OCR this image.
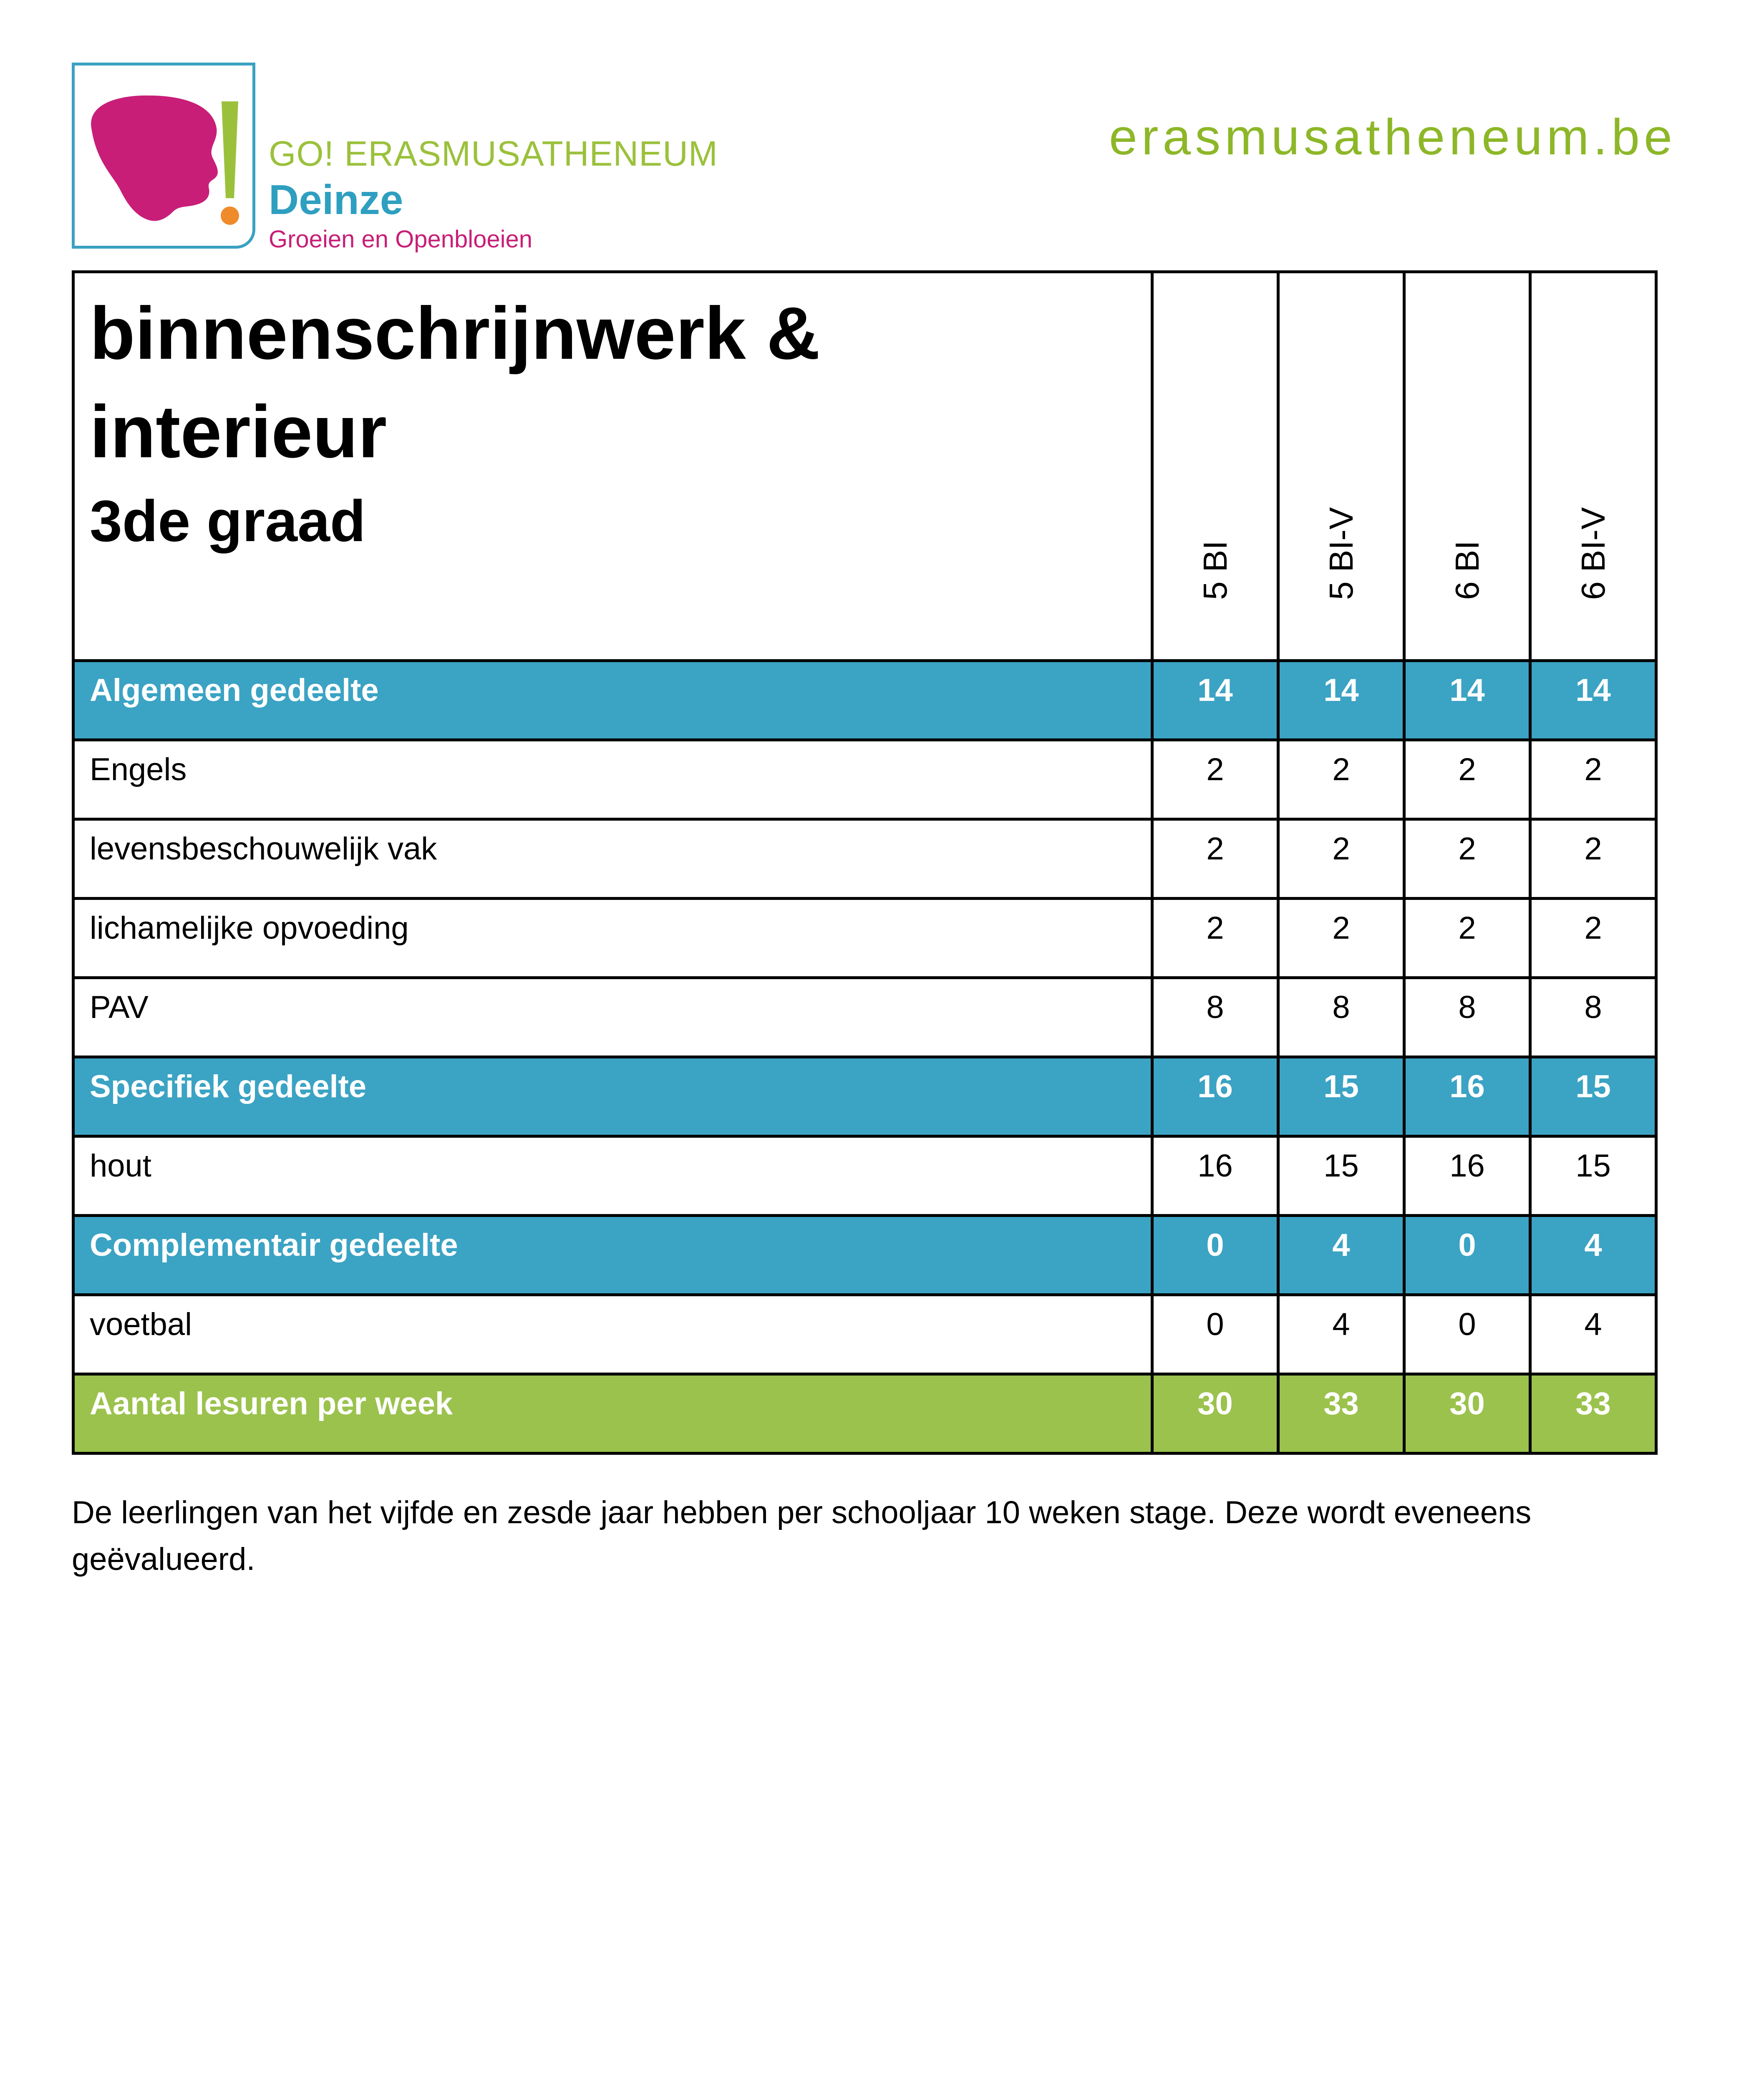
GO! ERASMUSATHENEUM
Deinze
Groeien en Openbloeien
erasmusatheneum.be
binnenschrijnwerk &
interieur
3de graad	5 BI	5 BI-V	6 BI	6 BI-V

Algemeen gedeelte	14	14	14	14
Engels	2	2	2	2
levensbeschouwelijk vak	2	2	2	2
lichamelijke opvoeding	2	2	2	2
PAV	8	8	8	8
Specifiek gedeelte	16	15	16	15
hout	16	15	16	15
Complementair gedeelte	0	4	0	4
voetbal	0	4	0	4
Aantal lesuren per week	30	33	30	33
De leerlingen van het vijfde en zesde jaar hebben per schooljaar 10 weken stage. Deze wordt eveneens geëvalueerd.
